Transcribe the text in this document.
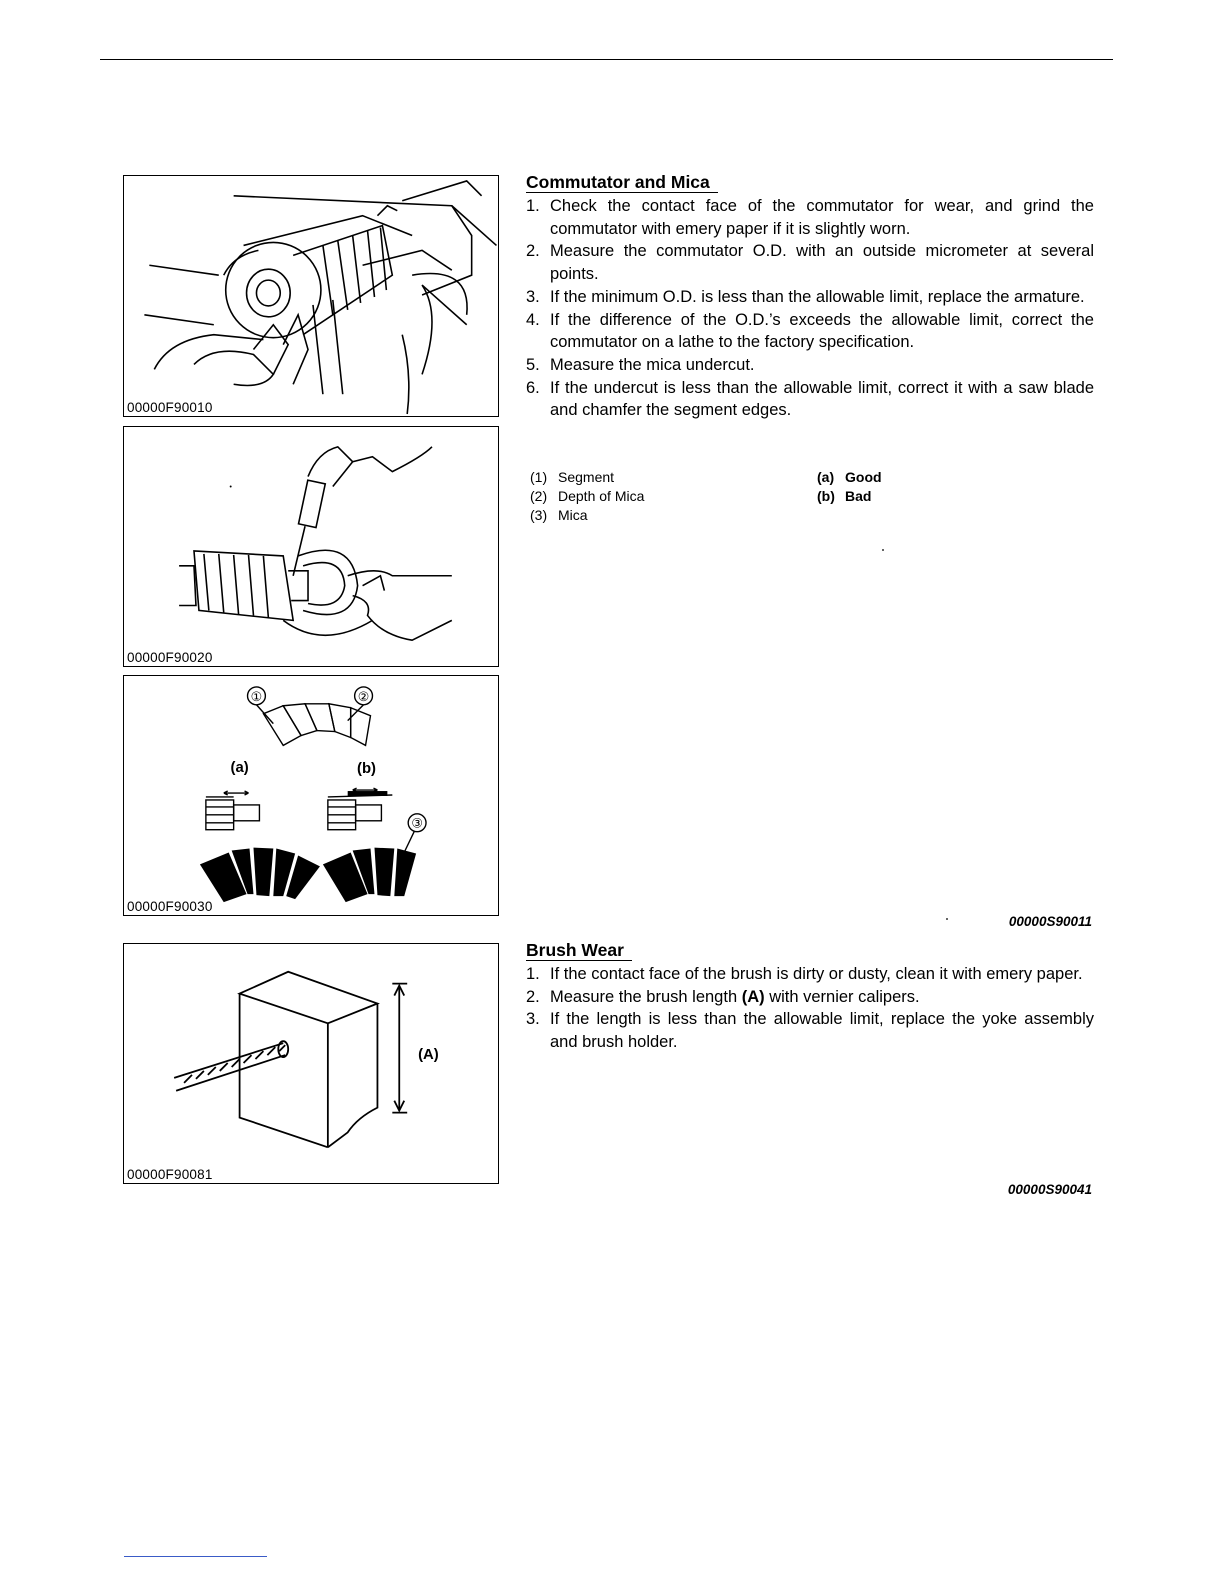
00000F90010
00000F90020
①	②
③
(a)	(b)
00000F90030
(A)
00000F90081
Commutator and Mica
1. Check the contact face of the commutator for wear, and grind the commutator with emery paper if it is slightly worn.
2. Measure the commutator O.D. with an outside micrometer at several points.
3. If the minimum O.D. is less than the allowable limit, replace the armature.
4. If the difference of the O.D.’s exceeds the allowable limit, correct the commutator on a lathe to the factory specification.
5. Measure the mica undercut.
6. If the undercut is less than the allowable limit, correct it with a saw blade and chamfer the segment edges.
(1) Segment
(2) Depth of Mica
(3) Mica
(a) Good
(b) Bad
00000S90011
Brush Wear
1. If the contact face of the brush is dirty or dusty, clean it with emery paper.
2. Measure the brush length (A) with vernier calipers.
3. If the length is less than the allowable limit, replace the yoke assembly and brush holder.
00000S90041
